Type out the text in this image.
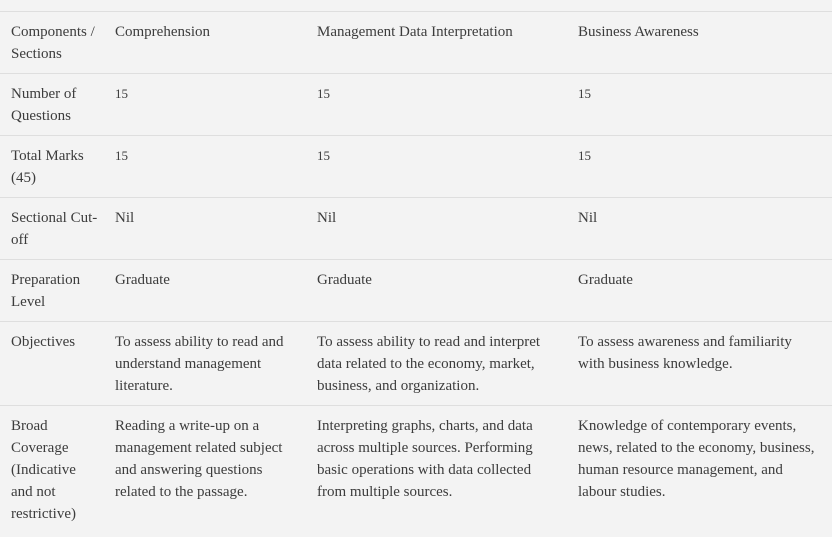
Components / Sections	Comprehension	Management Data Interpretation	Business Awareness
Number of Questions	15	15	15
Total Marks (45)	15	15	15
Sectional Cut-off	Nil	Nil	Nil
Preparation Level	Graduate	Graduate	Graduate
Objectives	To assess ability to read and understand management literature.	To assess ability to read and interpret data related to the economy, market, business, and organization.	To assess awareness and familiarity with business knowledge.
Broad Coverage (Indicative and not restrictive)	Reading a write-up on a management related subject and answering questions related to the passage.	Interpreting graphs, charts, and data across multiple sources. Performing basic operations with data collected from multiple sources.	Knowledge of contemporary events, news, related to the economy, business, human resource management, and labour studies.
